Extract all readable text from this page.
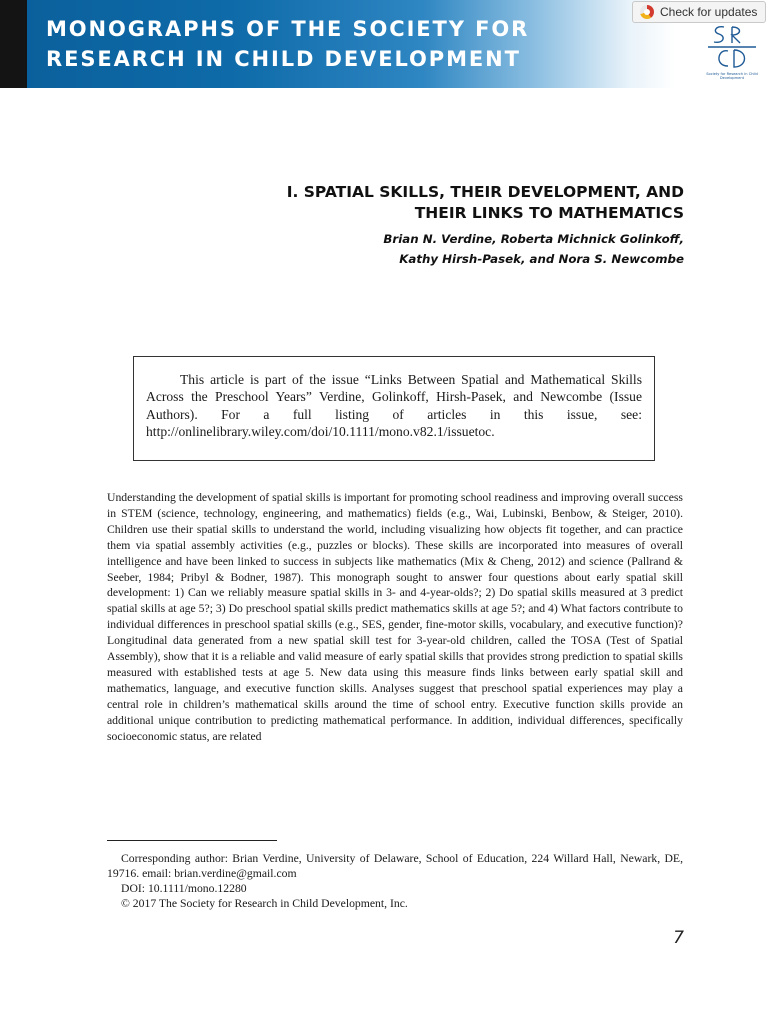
MONOGRAPHS OF THE SOCIETY FOR
RESEARCH IN CHILD DEVELOPMENT
Society for Research in Child Development
Check for updates
I. SPATIAL SKILLS, THEIR DEVELOPMENT, AND
THEIR LINKS TO MATHEMATICS
Brian N. Verdine, Roberta Michnick Golinkoff,
Kathy Hirsh-Pasek, and Nora S. Newcombe
This article is part of the issue “Links Between Spatial and Mathematical Skills Across the Preschool Years” Verdine, Golinkoff, Hirsh-Pasek, and Newcombe (Issue Authors). For a full listing of articles in this issue, see: http://onlinelibrary.wiley.com/doi/10.1111/mono.v82.1/issuetoc.

Understanding the development of spatial skills is important for promoting school readiness and improving overall success in STEM (science, technology, engineering, and mathematics) fields (e.g., Wai, Lubinski, Benbow, & Steiger, 2010). Children use their spatial skills to understand the world, including visualizing how objects fit together, and can practice them via spatial assembly activities (e.g., puzzles or blocks). These skills are incorporated into measures of overall intelligence and have been linked to success in subjects like mathematics (Mix & Cheng, 2012) and science (Pallrand & Seeber, 1984; Pribyl & Bodner, 1987). This monograph sought to answer four questions about early spatial skill development: 1) Can we reliably measure spatial skills in 3- and 4-year-olds?; 2) Do spatial skills measured at 3 predict spatial skills at age 5?; 3) Do preschool spatial skills predict mathematics skills at age 5?; and 4) What factors contribute to individual differences in preschool spatial skills (e.g., SES, gender, fine-motor skills, vocabulary, and executive function)? Longitudinal data generated from a new spatial skill test for 3-year-old children, called the TOSA (Test of Spatial Assembly), show that it is a reliable and valid measure of early spatial skills that provides strong prediction to spatial skills measured with established tests at age 5. New data using this measure finds links between early spatial skill and mathematics, language, and executive function skills. Analyses suggest that preschool spatial experiences may play a central role in children’s mathematical skills around the time of school entry. Executive function skills provide an additional unique contribution to predicting mathematical performance. In addition, individual differences, specifically socioeconomic status, are related

Corresponding author: Brian Verdine, University of Delaware, School of Education, 224 Willard Hall, Newark, DE, 19716. email: brian.verdine@gmail.com
DOI: 10.1111/mono.12280
© 2017 The Society for Research in Child Development, Inc.
7
